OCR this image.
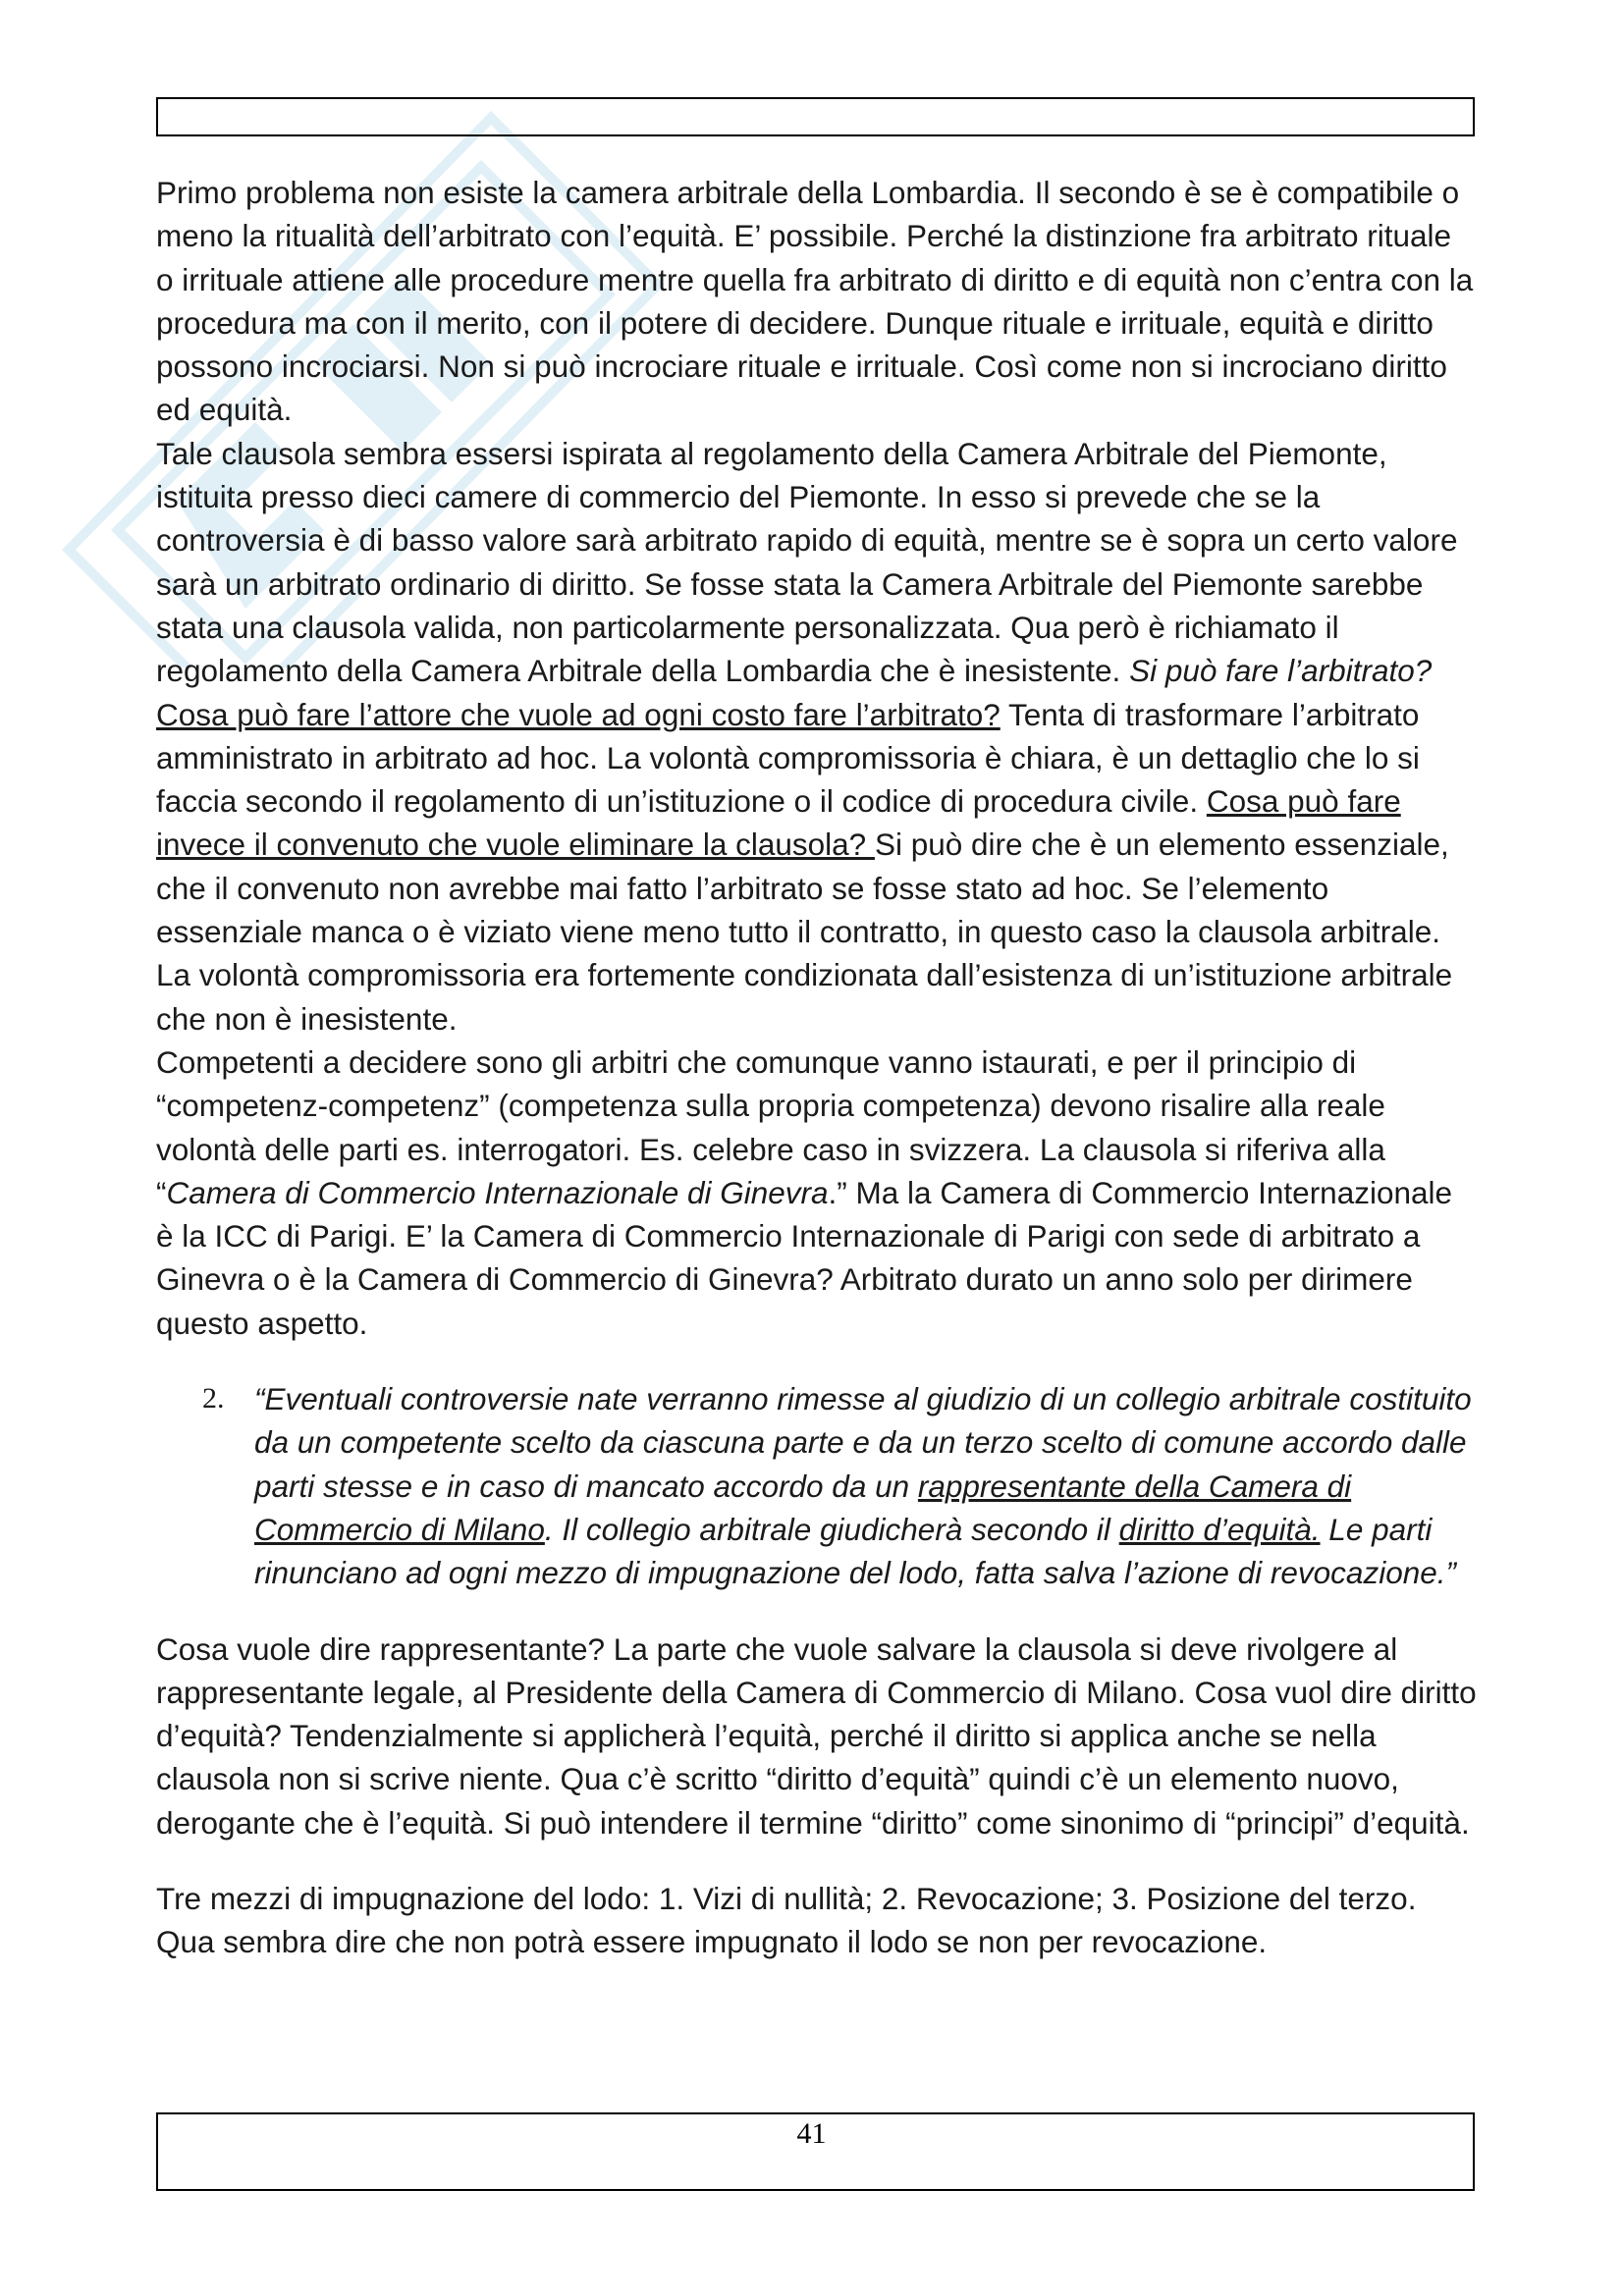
Primo problema non esiste la camera arbitrale della Lombardia. Il secondo è se è compatibile o meno la ritualità dell’arbitrato con l’equità. E’ possibile. Perché la distinzione fra arbitrato rituale o irrituale attiene alle procedure mentre quella fra arbitrato di diritto e di equità non c’entra con la procedura ma con il merito, con il potere di decidere. Dunque rituale e irrituale, equità e diritto possono incrociarsi. Non si può incrociare rituale e irrituale. Così come non si incrociano diritto ed equità.

Tale clausola sembra essersi ispirata al regolamento della Camera Arbitrale del Piemonte, istituita presso dieci camere di commercio del Piemonte. In esso si prevede che se la controversia è di basso valore sarà arbitrato rapido di equità, mentre se è sopra un certo valore sarà un arbitrato ordinario di diritto. Se fosse stata la Camera Arbitrale del Piemonte sarebbe stata una clausola valida, non particolarmente personalizzata. Qua però è richiamato il regolamento della Camera Arbitrale della Lombardia che è inesistente. Si può fare l’arbitrato? Cosa può fare l’attore che vuole ad ogni costo fare l’arbitrato? Tenta di trasformare l’arbitrato amministrato in arbitrato ad hoc. La volontà compromissoria è chiara, è un dettaglio che lo si faccia secondo il regolamento di un’istituzione o il codice di procedura civile. Cosa può fare invece il convenuto che vuole eliminare la clausola? Si può dire che è un elemento essenziale, che il convenuto non avrebbe mai fatto l’arbitrato se fosse stato ad hoc. Se l’elemento essenziale manca o è viziato viene meno tutto il contratto, in questo caso la clausola arbitrale. La volontà compromissoria era fortemente condizionata dall’esistenza di un’istituzione arbitrale che non è inesistente.

Competenti a decidere sono gli arbitri che comunque vanno istaurati, e per il principio di “competenz-competenz” (competenza sulla propria competenza) devono risalire alla reale volontà delle parti es. interrogatori. Es. celebre caso in svizzera. La clausola si riferiva alla “Camera di Commercio Internazionale di Ginevra.” Ma la Camera di Commercio Internazionale è la ICC di Parigi. E’ la Camera di Commercio Internazionale di Parigi con sede di arbitrato a Ginevra o è la Camera di Commercio di Ginevra? Arbitrato durato un anno solo per dirimere questo aspetto.

2. “Eventuali controversie nate verranno rimesse al giudizio di un collegio arbitrale costituito da un competente scelto da ciascuna parte e da un terzo scelto di comune accordo dalle parti stesse e in caso di mancato accordo da un rappresentante della Camera di Commercio di Milano. Il collegio arbitrale giudicherà secondo il diritto d’equità. Le parti rinunciano ad ogni mezzo di impugnazione del lodo, fatta salva l’azione di revocazione.”

Cosa vuole dire rappresentante? La parte che vuole salvare la clausola si deve rivolgere al rappresentante legale, al Presidente della Camera di Commercio di Milano. Cosa vuol dire diritto d’equità? Tendenzialmente si applicherà l’equità, perché il diritto si applica anche se nella clausola non si scrive niente. Qua c’è scritto “diritto d’equità” quindi c’è un elemento nuovo, derogante che è l’equità. Si può intendere il termine “diritto” come sinonimo di “principi” d’equità.

Tre mezzi di impugnazione del lodo: 1. Vizi di nullità; 2. Revocazione; 3. Posizione del terzo. Qua sembra dire che non potrà essere impugnato il lodo se non per revocazione.

41
